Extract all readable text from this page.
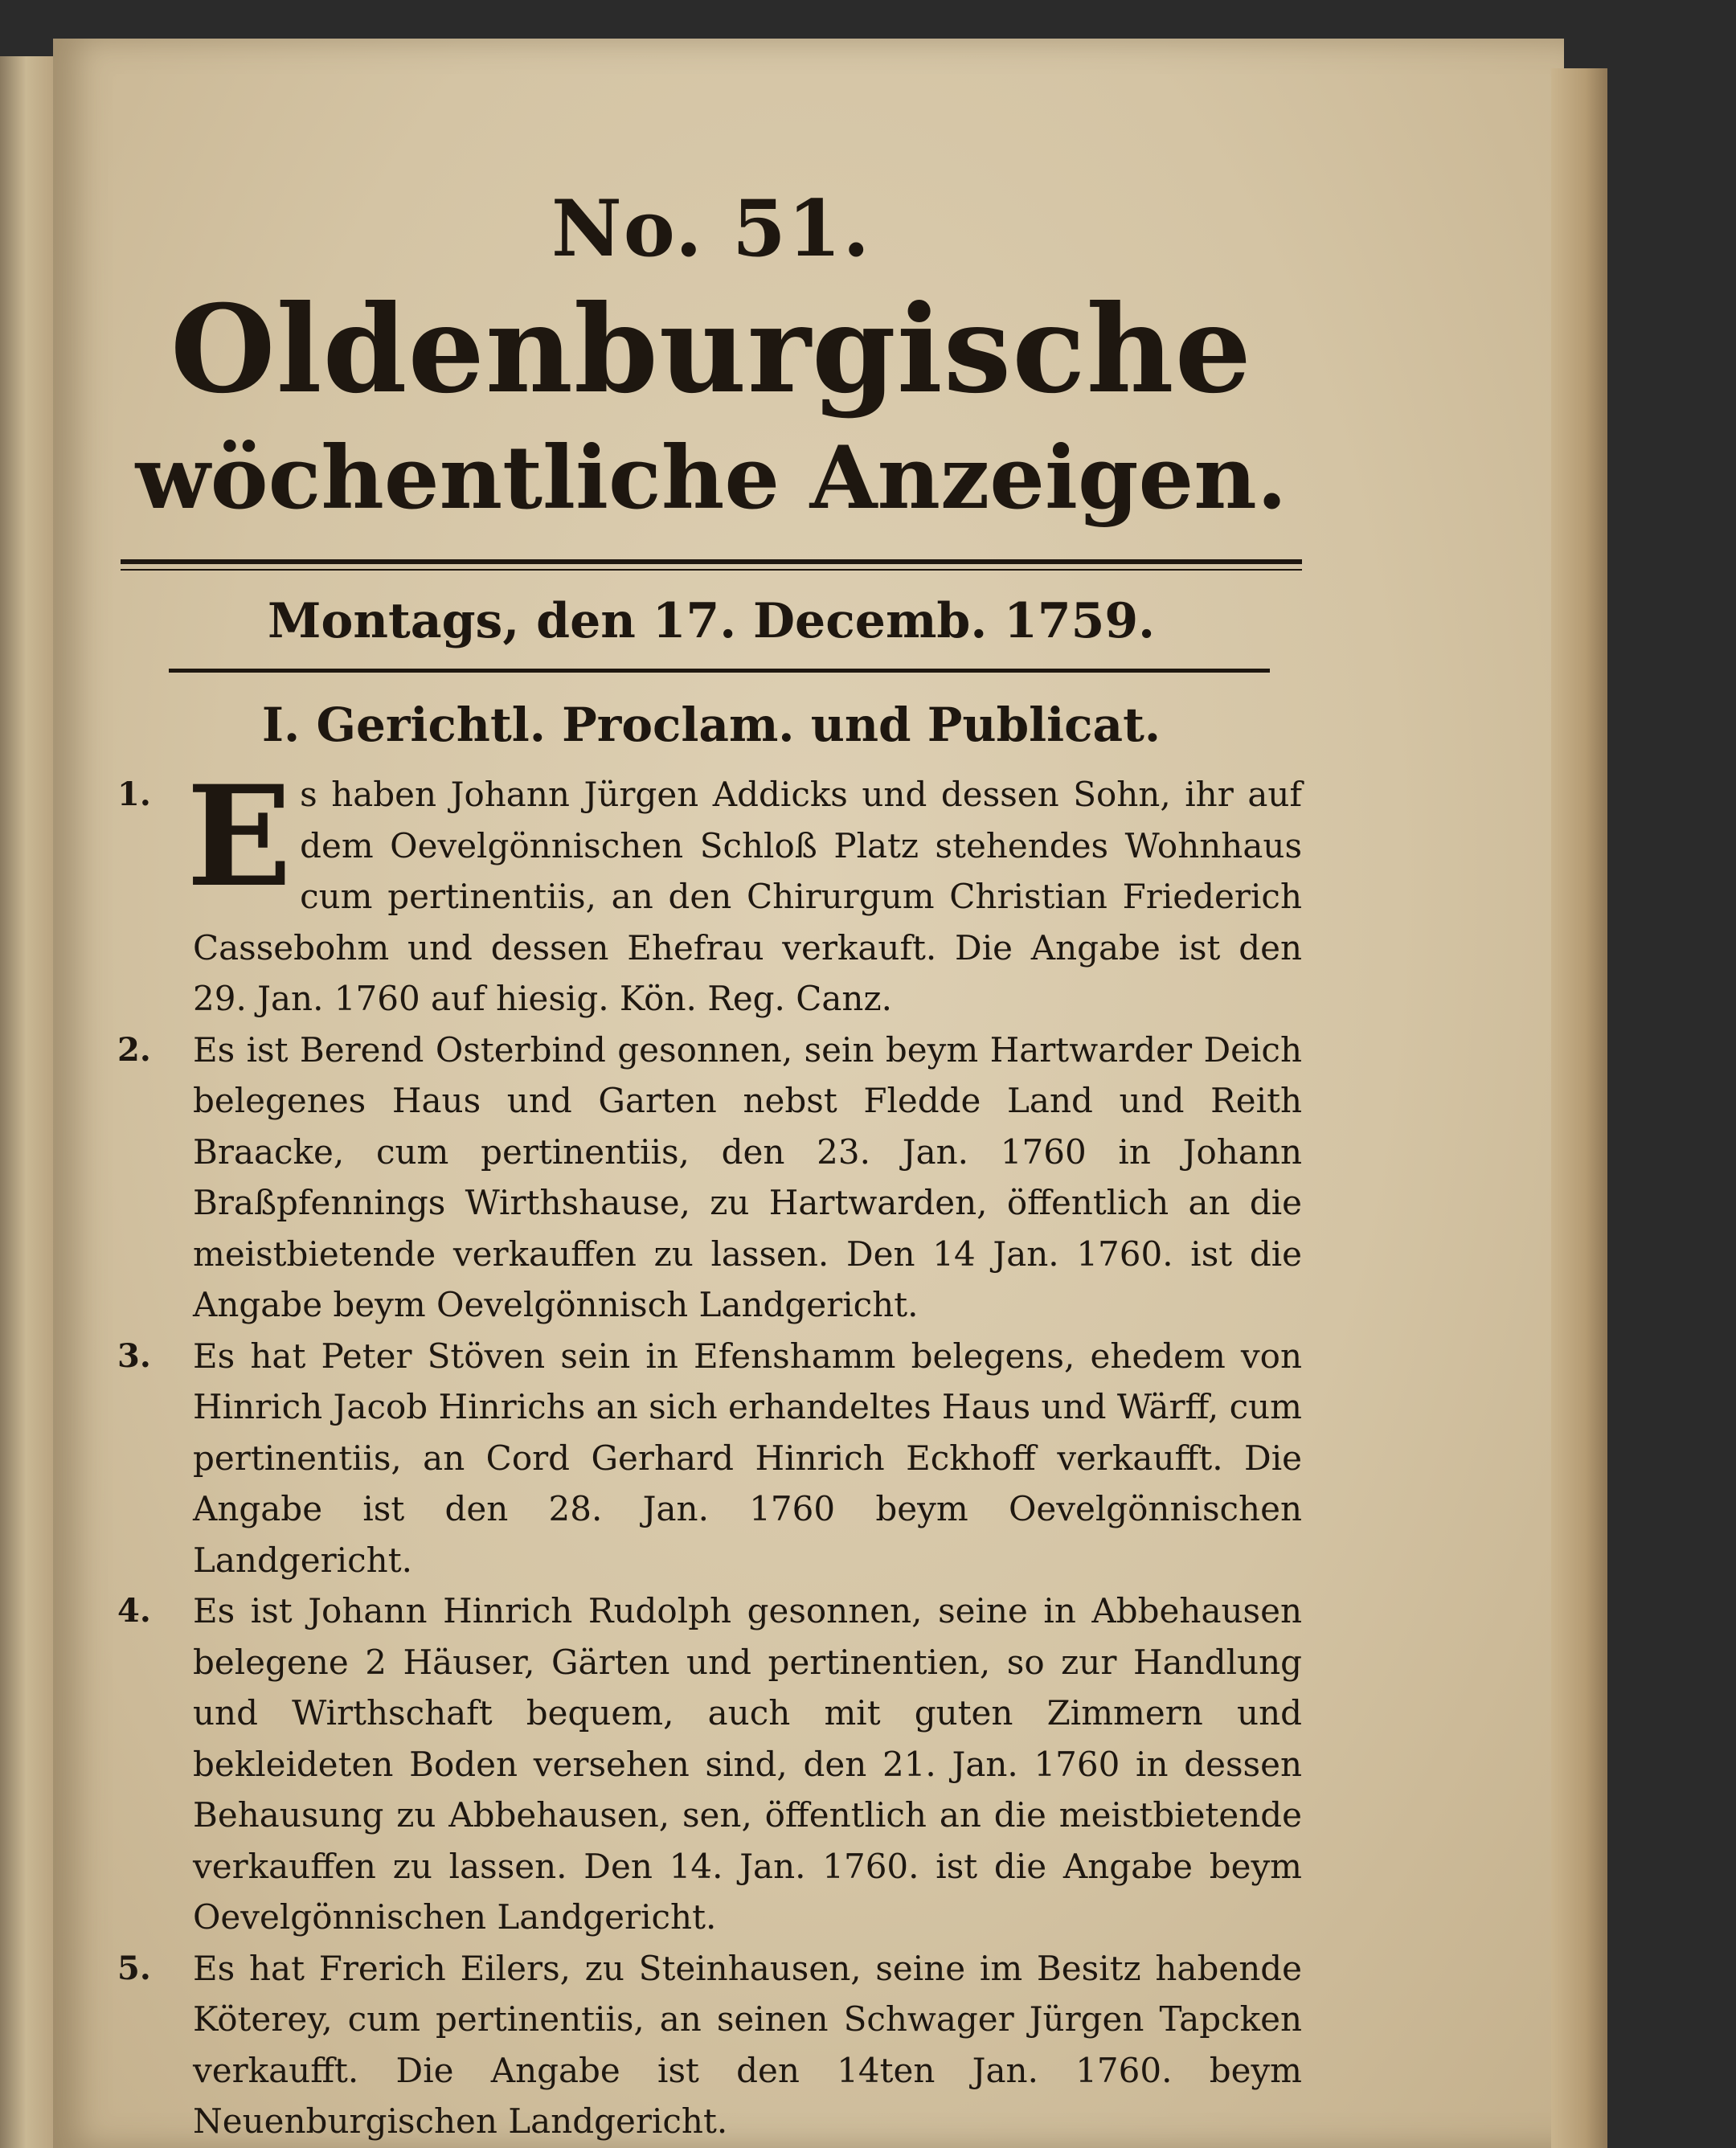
No. 51.
Oldenburgische
wöchentliche Anzeigen.
Montags, den 17. Decemb. 1759.
I. Gerichtl. Proclam. und Publicat.
1. E s haben Johann Jürgen Addicks und dessen Sohn, ihr auf dem Oevelgönnischen Schloß Platz stehendes Wohnhaus cum pertinentiis, an den Chirurgum Christian Friederich Cassebohm und dessen Ehefrau verkauft. Die Angabe ist den 29. Jan. 1760 auf hiesig. Kön. Reg. Canz.
2. Es ist Berend Osterbind gesonnen, sein beym Hartwarder Deich belegenes Haus und Garten nebst Fledde Land und Reith Braacke, cum pertinentiis, den 23. Jan. 1760 in Johann Braßpfennings Wirthshause, zu Hartwarden, öffentlich an die meistbietende verkauffen zu lassen. Den 14 Jan. 1760. ist die Angabe beym Oevelgönnisch Landgericht.
3. Es hat Peter Stöven sein in Efenshamm belegens, ehedem von Hinrich Jacob Hinrichs an sich erhandeltes Haus und Wärff, cum pertinentiis, an Cord Gerhard Hinrich Eckhoff verkaufft. Die Angabe ist den 28. Jan. 1760 beym Oevelgönnischen Landgericht.
4. Es ist Johann Hinrich Rudolph gesonnen, seine in Abbehausen belegene 2 Häuser, Gärten und pertinentien, so zur Handlung und Wirthschaft bequem, auch mit guten Zimmern und bekleideten Boden versehen sind, den 21. Jan. 1760 in dessen Behausung zu Abbehausen, sen, öffentlich an die meistbietende verkauffen zu lassen. Den 14. Jan. 1760. ist die Angabe beym Oevelgönnischen Landgericht.
5. Es hat Frerich Eilers, zu Steinhausen, seine im Besitz habende Köterey, cum pertinentiis, an seinen Schwager Jürgen Tapcken verkaufft. Die Angabe ist den 14ten Jan. 1760. beym Neuenburgischen Landgericht.
